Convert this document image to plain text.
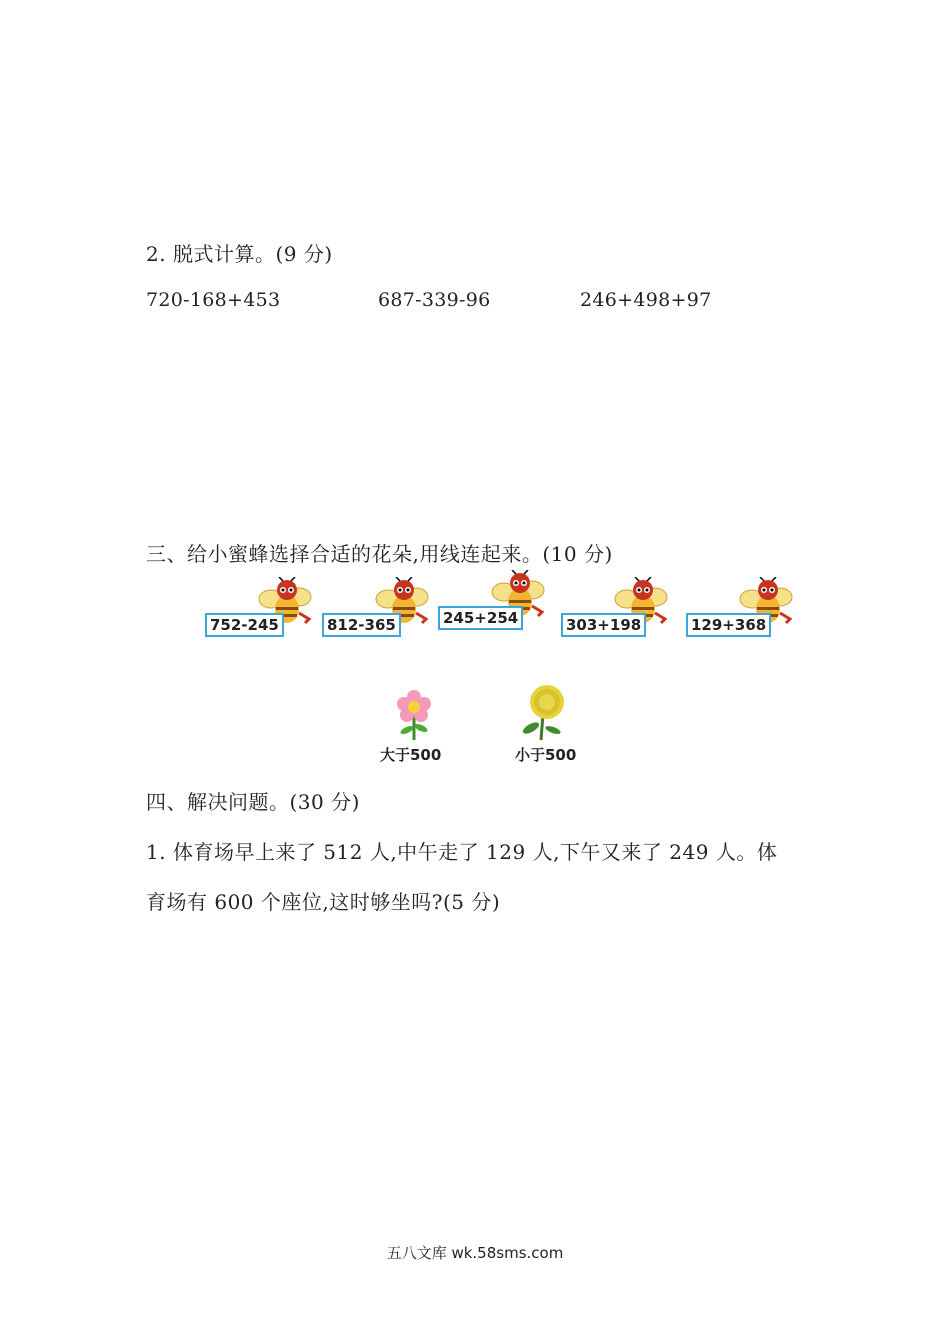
2. 脱式计算。(9 分)
720-168+453	687-339-96	246+498+97
三、给小蜜蜂选择合适的花朵,用线连起来。(10 分)
752-245	812-365	245+254	303+198	129+368
大于500	小于500
四、解决问题。(30 分)
1. 体育场早上来了 512 人,中午走了 129 人,下午又来了 249 人。体
育场有 600 个座位,这时够坐吗?(5 分)
五八文库 wk.58sms.com
